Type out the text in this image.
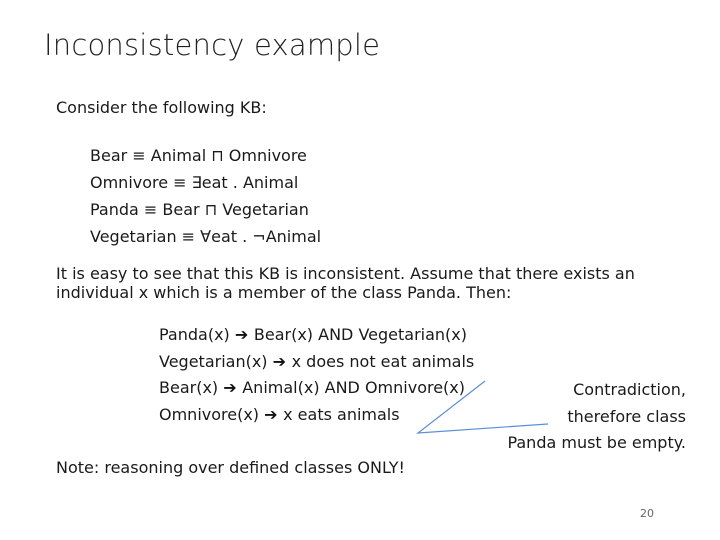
Inconsistency example
Consider the following KB:
Bear ≡ Animal ⊓ Omnivore
Omnivore ≡ ∃eat . Animal
Panda ≡ Bear ⊓ Vegetarian
Vegetarian ≡ ∀eat . ¬Animal
It is easy to see that this KB is inconsistent. Assume that there exists an
individual x which is a member of the class Panda. Then:
Panda(x) ➔ Bear(x) AND Vegetarian(x)
Vegetarian(x) ➔ x does not eat animals
Bear(x) ➔ Animal(x) AND Omnivore(x)
Omnivore(x) ➔ x eats animals
Contradiction,
therefore class
Panda must be empty.
Note: reasoning over defined classes ONLY!
20
